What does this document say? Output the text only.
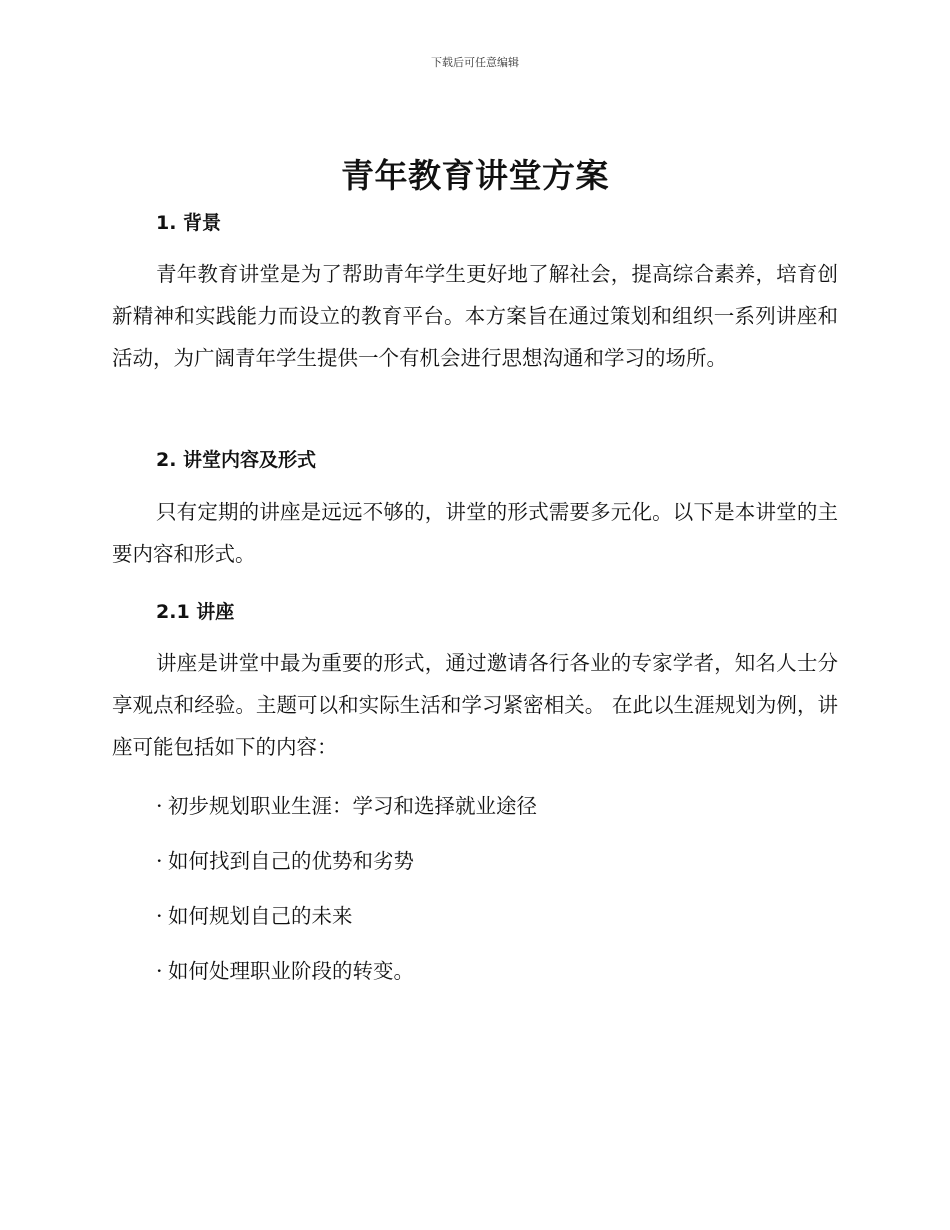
下载后可任意编辑
青年教育讲堂方案
1. 背景

青年教育讲堂是为了帮助青年学生更好地了解社会，提高综合素养，培育创新精神和实践能力而设立的教育平台。本方案旨在通过策划和组织一系列讲座和活动，为广阔青年学生提供一个有机会进行思想沟通和学习的场所。

2. 讲堂内容及形式

只有定期的讲座是远远不够的，讲堂的形式需要多元化。以下是本讲堂的主要内容和形式。

2.1 讲座

讲座是讲堂中最为重要的形式，通过邀请各行各业的专家学者，知名人士分享观点和经验。主题可以和实际生活和学习紧密相关。 在此以生涯规划为例，讲座可能包括如下的内容：

· 初步规划职业生涯：学习和选择就业途径

· 如何找到自己的优势和劣势

· 如何规划自己的未来

· 如何处理职业阶段的转变。
